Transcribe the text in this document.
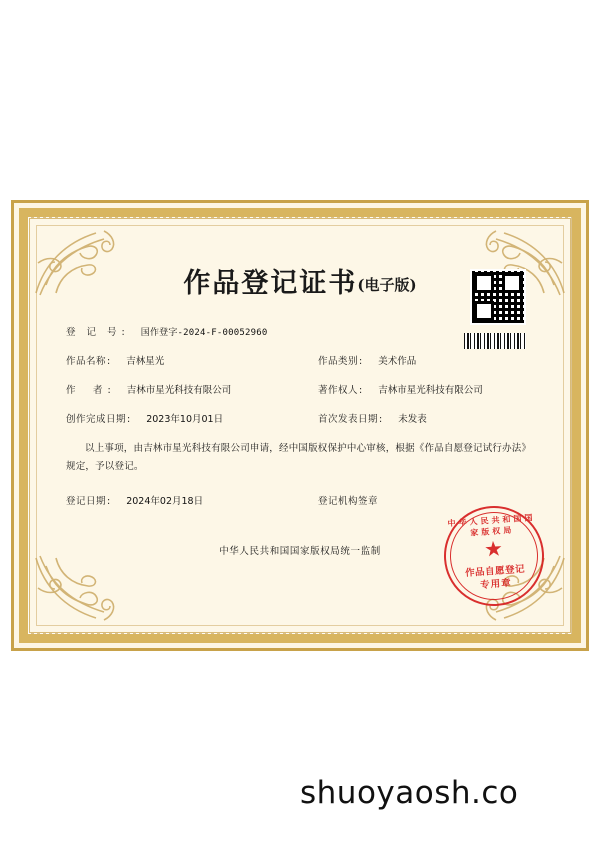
作品登记证书(电子版)
登 记 号 : 国作登字-2024-F-00052960
作品名称 : 吉林星光	作品类别 : 美术作品
作　者 : 吉林市星光科技有限公司	著作权人 : 吉林市星光科技有限公司
创作完成日期 : 2023年10月01日	首次发表日期 : 未发表
以上事项，由吉林市星光科技有限公司申请，经中国版权保护中心审核，根据《作品自愿登记试行办法》规定，予以登记。
登记日期 : 2024年02月18日	登记机构签章
中华人民共和国国家版权局统一监制
中华人民共和国国家版权局
★
作品自愿登记
专用章
shuoyaosh.co
